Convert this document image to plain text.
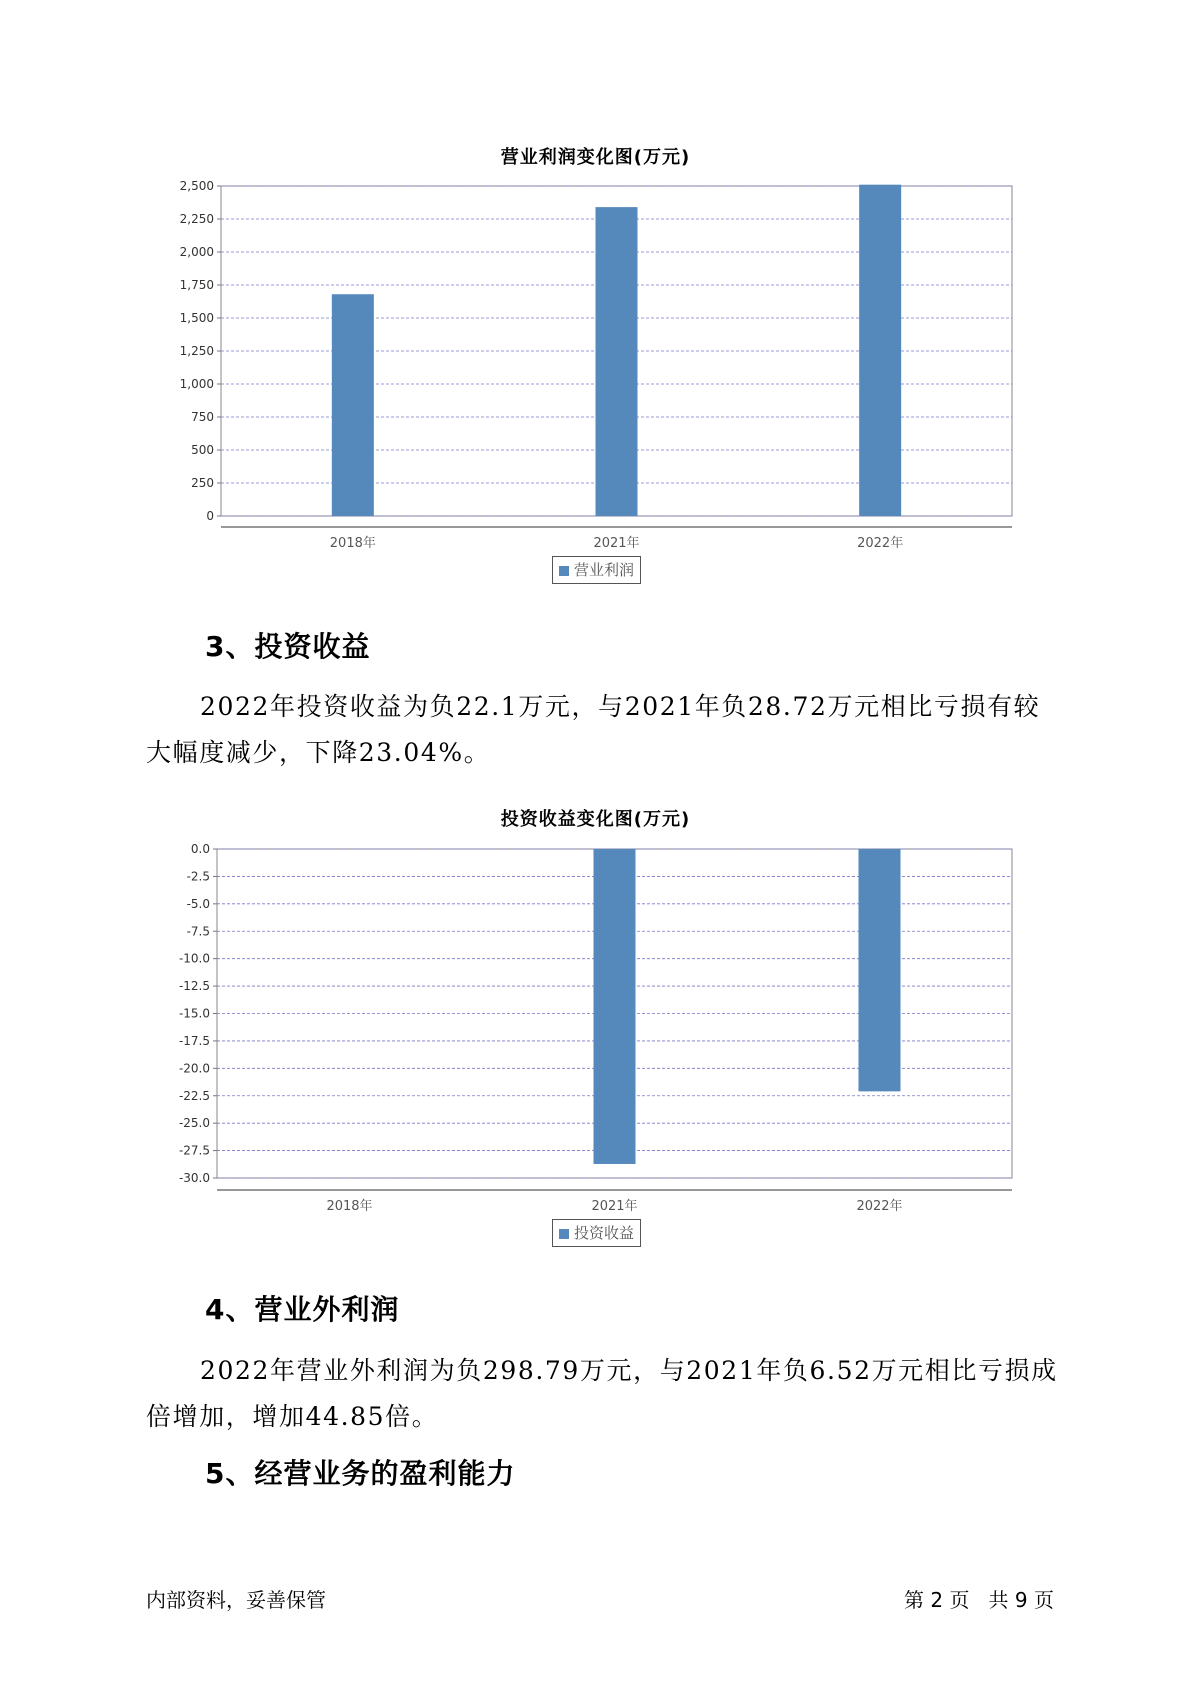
营业利润变化图(万元)
0
250
500
750
1,000
1,250
1,500
1,750
2,000
2,250
2,500
2018年	2021年	2022年
营业利润
3、投资收益

2022年投资收益为负22.1万元，与2021年负28.72万元相比亏损有较大幅度减少，下降23.04%。

投资收益变化图(万元)
0.0
-2.5
-5.0
-7.5
-10.0
-12.5
-15.0
-17.5
-20.0
-22.5
-25.0
-27.5
-30.0
2018年	2021年	2022年
投资收益
4、营业外利润

2022年营业外利润为负298.79万元，与2021年负6.52万元相比亏损成倍增加，增加44.85倍。

5、经营业务的盈利能力
内部资料，妥善保管	第 2 页   共 9 页
